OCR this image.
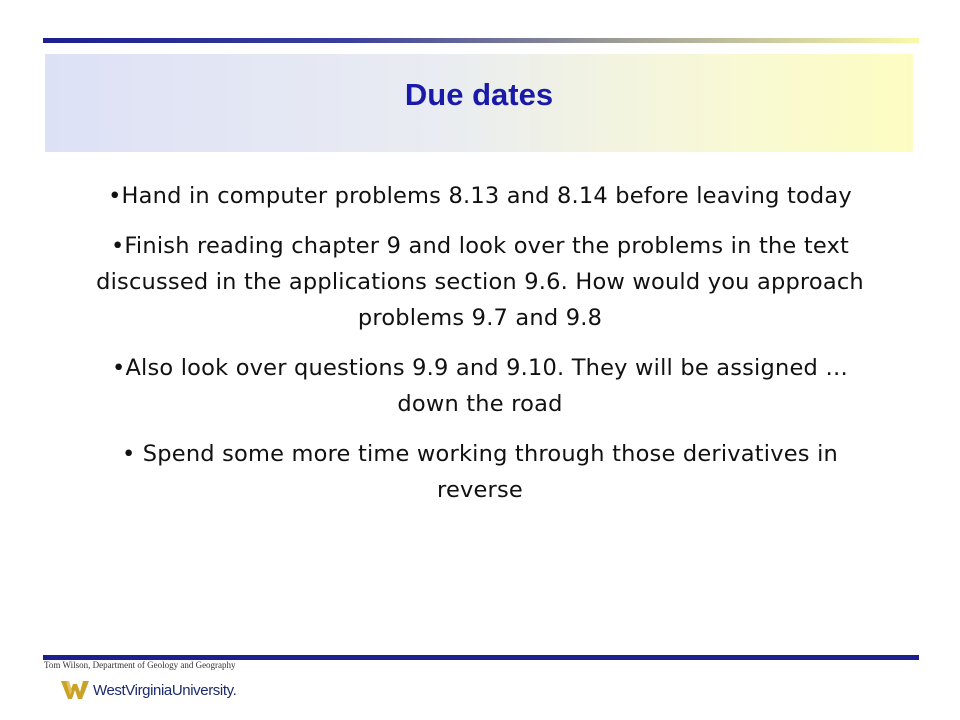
Due dates

•Hand in computer problems 8.13 and 8.14 before leaving today

•Finish reading chapter 9 and look over the problems in the text discussed in the applications section 9.6. How would you approach problems 9.7 and 9.8

•Also look over questions 9.9 and 9.10. They will be assigned … down the road

• Spend some more time working through those derivatives in reverse

Tom Wilson, Department of Geology and Geography
WestVirginiaUniversity.
